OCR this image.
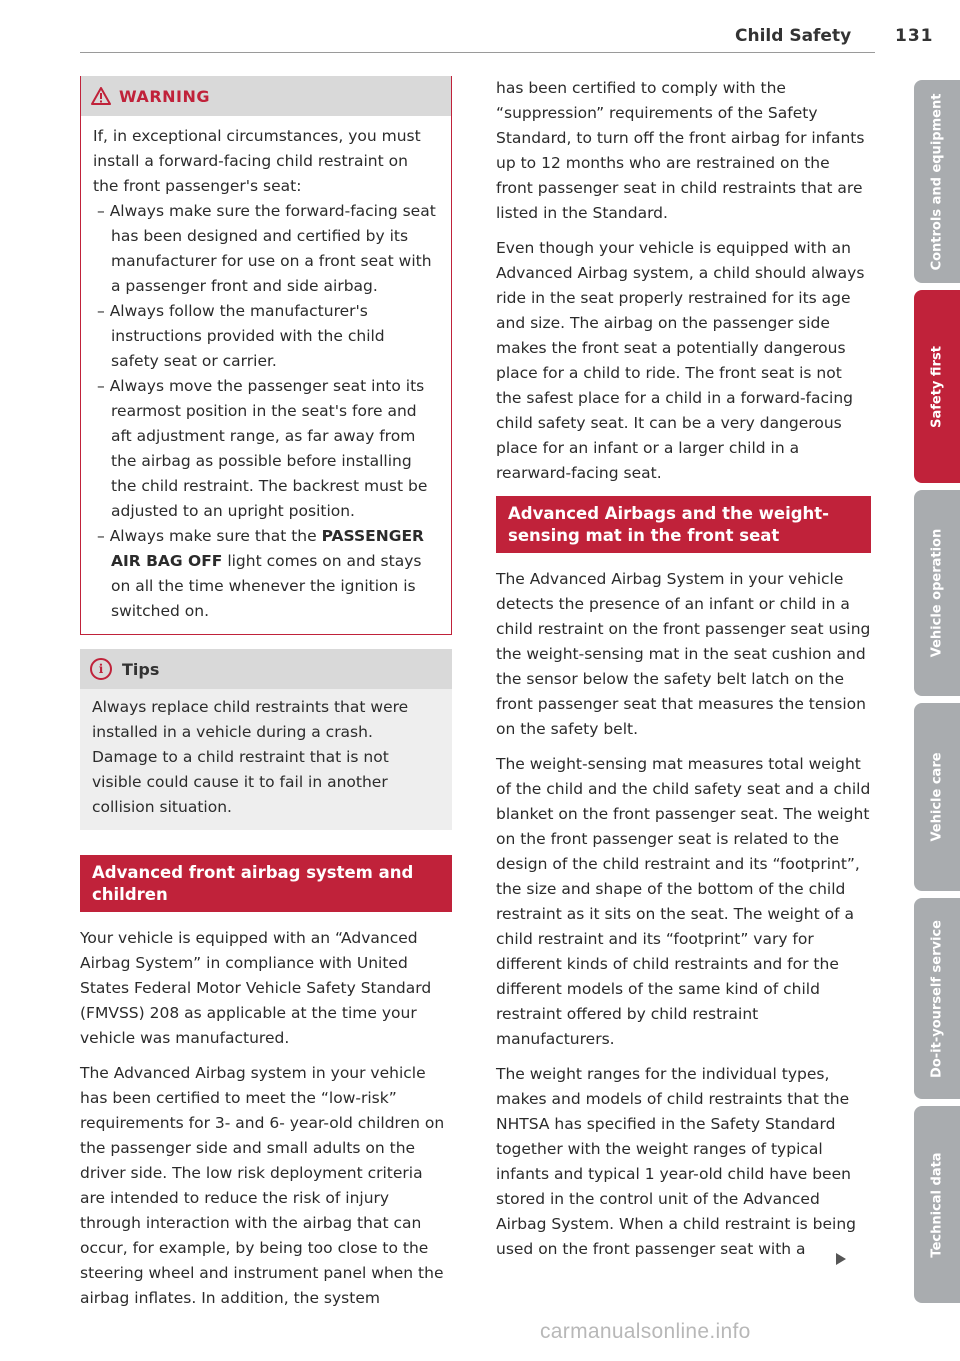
Child Safety	131
WARNING

If, in exceptional circumstances, you must install a forward-facing child restraint on the front passenger's seat:

– Always make sure the forward-facing seat has been designed and certified by its manufacturer for use on a front seat with a passenger front and side airbag.
– Always follow the manufacturer's instructions provided with the child safety seat or carrier.
– Always move the passenger seat into its rearmost position in the seat's fore and aft adjustment range, as far away from the airbag as possible before installing the child restraint. The backrest must be adjusted to an upright position.
– Always make sure that the PASSENGER AIR BAG OFF light comes on and stays on all the time whenever the ignition is switched on.
i	Tips
Always replace child restraints that were installed in a vehicle during a crash. Damage to a child restraint that is not visible could cause it to fail in another collision situation.
Advanced front airbag system and children

Your vehicle is equipped with an “Advanced Airbag System” in compliance with United States Federal Motor Vehicle Safety Standard (FMVSS) 208 as applicable at the time your vehicle was manufactured.

The Advanced Airbag system in your vehicle has been certified to meet the “low-risk” requirements for 3- and 6- year-old children on the passenger side and small adults on the driver side. The low risk deployment criteria are intended to reduce the risk of injury through interaction with the airbag that can occur, for example, by being too close to the steering wheel and instrument panel when the airbag inflates. In addition, the system

has been certified to comply with the “suppression” requirements of the Safety Standard, to turn off the front airbag for infants up to 12 months who are restrained on the front passenger seat in child restraints that are listed in the Standard.

Even though your vehicle is equipped with an Advanced Airbag system, a child should always ride in the seat properly restrained for its age and size. The airbag on the passenger side makes the front seat a potentially dangerous place for a child to ride. The front seat is not the safest place for a child in a forward-facing child safety seat. It can be a very dangerous place for an infant or a larger child in a rearward-facing seat.

Advanced Airbags and the weight-sensing mat in the front seat

The Advanced Airbag System in your vehicle detects the presence of an infant or child in a child restraint on the front passenger seat using the weight-sensing mat in the seat cushion and the sensor below the safety belt latch on the front passenger seat that measures the tension on the safety belt.

The weight-sensing mat measures total weight of the child and the child safety seat and a child blanket on the front passenger seat. The weight on the front passenger seat is related to the design of the child restraint and its “footprint”, the size and shape of the bottom of the child restraint as it sits on the seat. The weight of a child restraint and its “footprint” vary for different kinds of child restraints and for the different models of the same kind of child restraint offered by child restraint manufacturers.

The weight ranges for the individual types, makes and models of child restraints that the NHTSA has specified in the Safety Standard together with the weight ranges of typical infants and typical 1 year-old child have been stored in the control unit of the Advanced Airbag System. When a child restraint is being used on the front passenger seat with a

Controls and equipment
Safety first
Vehicle operation
Vehicle care
Do-it-yourself service
Technical data
carmanualsonline.info
